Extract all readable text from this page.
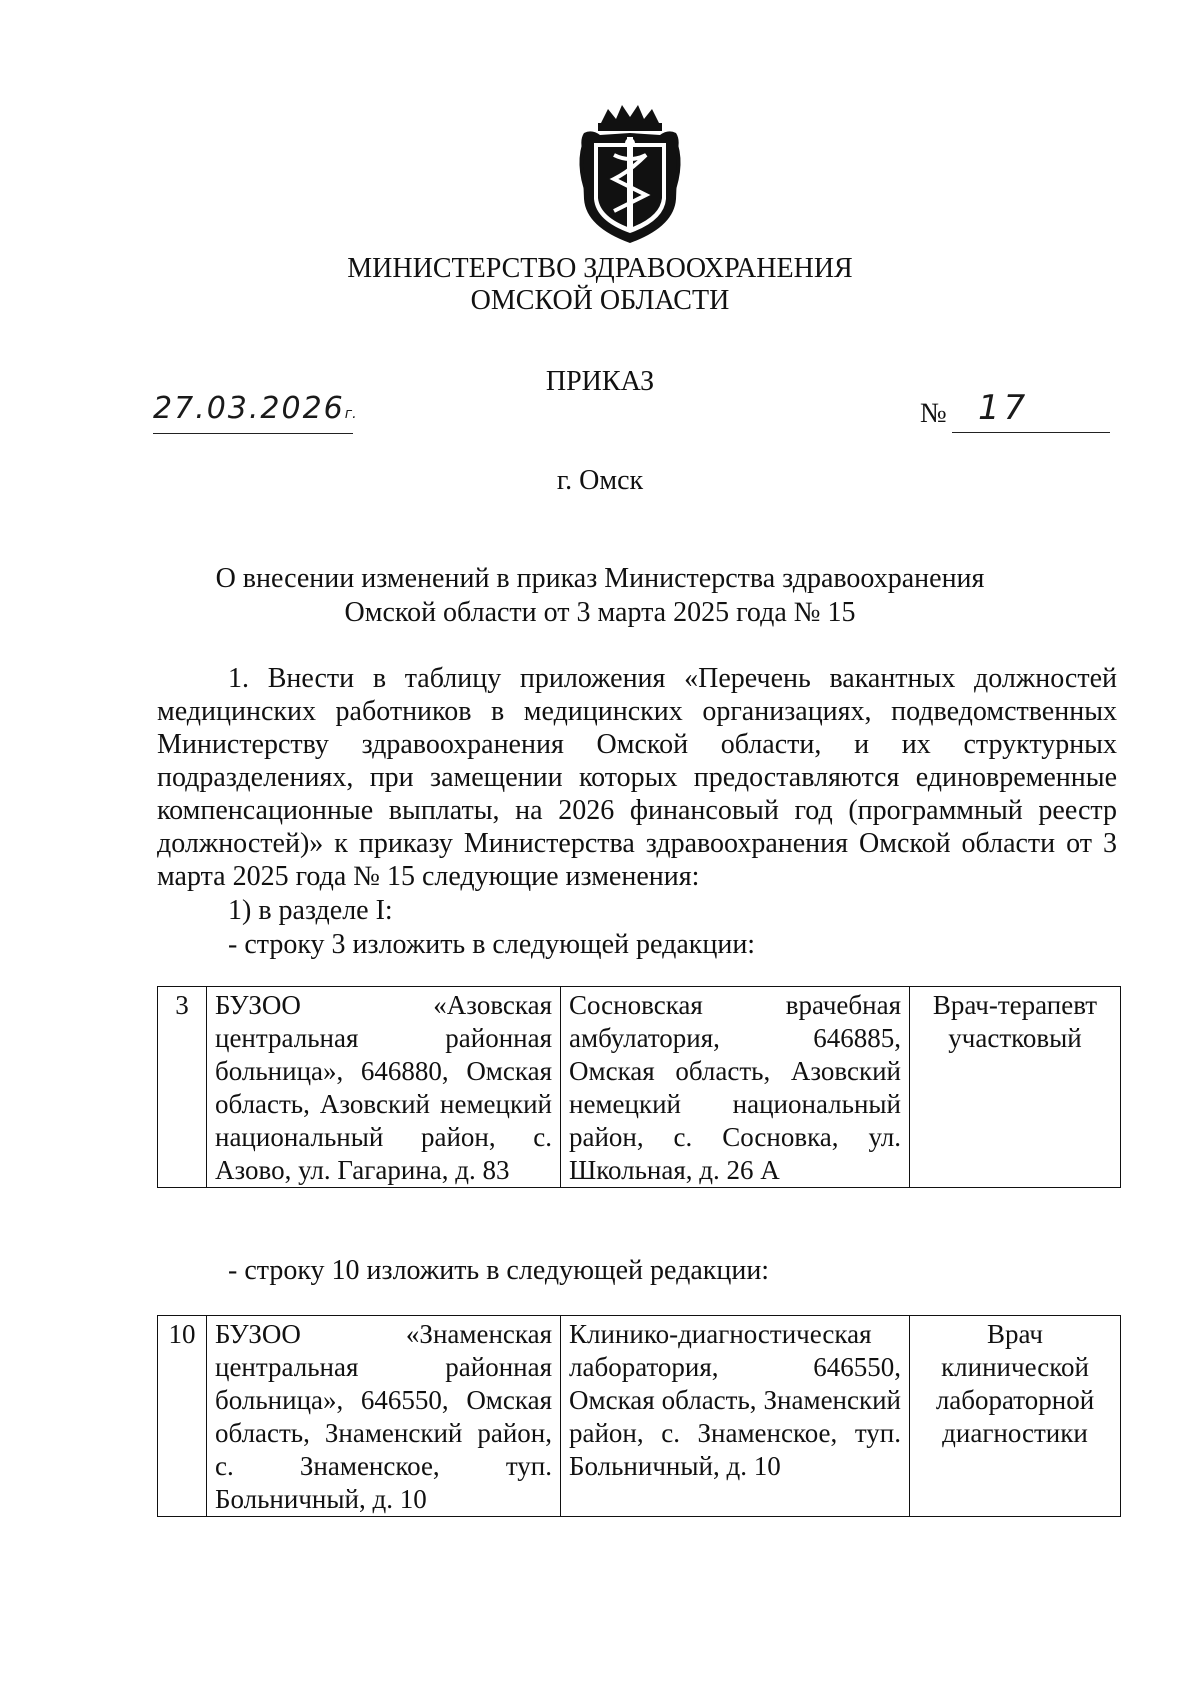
МИНИСТЕРСТВО ЗДРАВООХРАНЕНИЯ
ОМСКОЙ ОБЛАСТИ
ПРИКАЗ
27.03.2026г.	№ 17
г. Омск
О внесении изменений в приказ Министерства здравоохранения
Омской области от 3 марта 2025 года № 15
1. Внести в таблицу приложения «Перечень вакантных должностей медицинских работников в медицинских организациях, подведомственных Министерству здравоохранения Омской области, и их структурных подразделениях, при замещении которых предоставляются единовременные компенсационные выплаты, на 2026 финансовый год (программный реестр должностей)» к приказу Министерства здравоохранения Омской области от 3 марта 2025 года № 15 следующие изменения:
1) в разделе I:
- строку 3 изложить в следующей редакции:
3	БУЗОО «Азовская центральная районная больница», 646880, Омская область, Азовский немецкий национальный район, с. Азово, ул. Гагарина, д. 83	Сосновская врачебная амбулатория, 646885, Омская область, Азовский немецкий национальный район, с. Сосновка, ул. Школьная, д. 26 А	Врач-терапевт участковый
- строку 10 изложить в следующей редакции:
10	БУЗОО «Знаменская центральная районная больница», 646550, Омская область, Знаменский район, с. Знаменское, туп. Больничный, д. 10	Клинико-диагностическая лаборатория, 646550, Омская область, Знаменский район, с. Знаменское, туп. Больничный, д. 10	Врач клинической лабораторной диагностики
